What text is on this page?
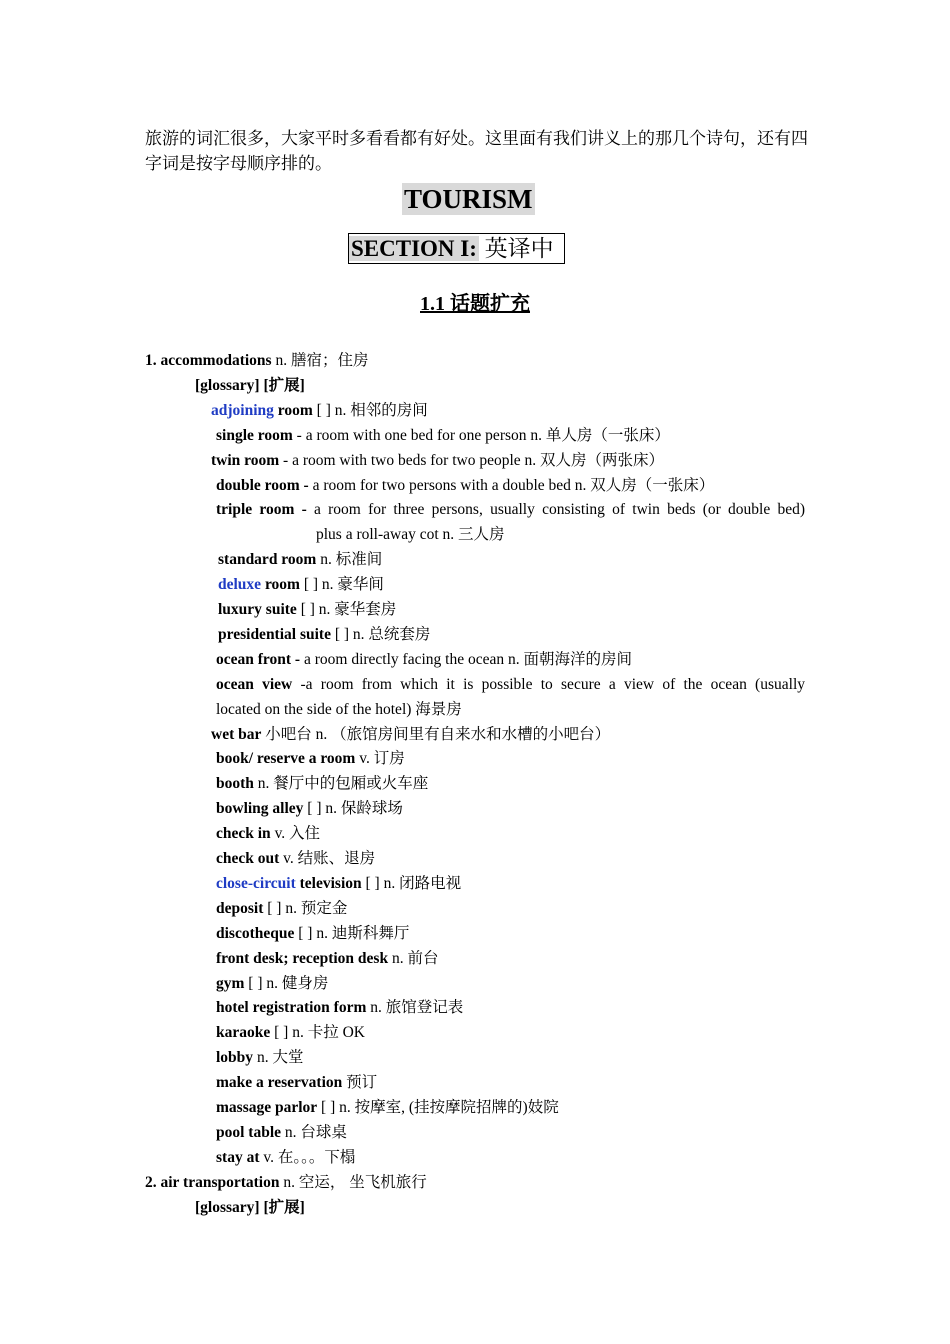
旅游的词汇很多，大家平时多看看都有好处。这里面有我们讲义上的那几个诗句，还有四字词是按字母顺序排的。
TOURISM
SECTION I: 英译中
1.1 话题扩充
1. accommodations n. 膳宿；住房
[glossary] [扩展]
adjoining room [ ] n. 相邻的房间
single room - a room with one bed for one person n. 单人房（一张床）
twin room - a room with two beds for two people n. 双人房（两张床）
double room - a room for two persons with a double bed n. 双人房（一张床）
triple room - a room for three persons, usually consisting of twin beds (or double bed)
plus a roll-away cot n. 三人房
standard room n. 标准间
deluxe room [ ] n. 豪华间
luxury suite [ ] n. 豪华套房
presidential suite [ ] n. 总统套房
ocean front - a room directly facing the ocean n. 面朝海洋的房间
ocean view -a room from which it is possible to secure a view of the ocean (usually
located on the side of the hotel) 海景房
wet bar 小吧台 n. （旅馆房间里有自来水和水槽的小吧台）
book/ reserve a room v. 订房
booth n. 餐厅中的包厢或火车座
bowling alley [ ] n. 保龄球场
check in v. 入住
check out v. 结账、退房
close-circuit television [ ] n. 闭路电视
deposit [ ] n. 预定金
discotheque [ ] n. 迪斯科舞厅
front desk; reception desk n. 前台
gym [ ] n. 健身房
hotel registration form n. 旅馆登记表
karaoke [ ] n. 卡拉 OK
lobby n. 大堂
make a reservation 预订
massage parlor [ ] n. 按摩室, (挂按摩院招牌的)妓院
pool table n. 台球桌
stay at v. 在。。。下榻
2. air transportation n. 空运， 坐飞机旅行
[glossary] [扩展]
